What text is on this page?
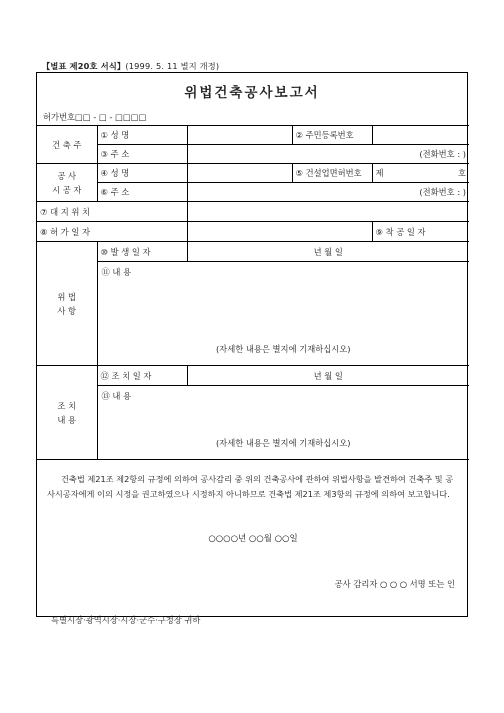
【별표 제20호 서식】(1999. 5. 11 별지 개정)
위법건축공사보고서
허가번호□□ - □ - □□□□
건 축 주	① 성 명		② 주민등록번호	
	③ 주 소	(전화번호 : )		

공 사
시 공 자	④ 성 명		⑤ 건설업면허번호	제 호

	⑥ 주 소	(전화번호 : )		
⑦ 대 지 위 치				
⑧ 허 가 일 자				⑨ 착 공 일 자

위 법
사 항	⑩ 발 생 일 자	년 월 일		

	⑪ 내 용
(자세한 내용은 별지에 기재하십시오)			

조 치
내 용	⑫ 조 치 일 자	년 월 일		

	⑬ 내 용
(자세한 내용은 별지에 기재하십시오)			

건축법 제21조 제2항의 규정에 의하여 공사감리 중 위의 건축공사에 관하여 위법사항을 발견하여 건축주 및 공사시공자에게 이의 시정을 권고하였으나 시정하지 아니하므로 건축법 제21조 제3항의 규정에 의하여 보고합니다.
○○○○년 ○○월 ○○일
공사 감리자 ○ ○ ○ 서명 또는 인
특별시장·광역시장·시장·군수·구청장 귀하				
